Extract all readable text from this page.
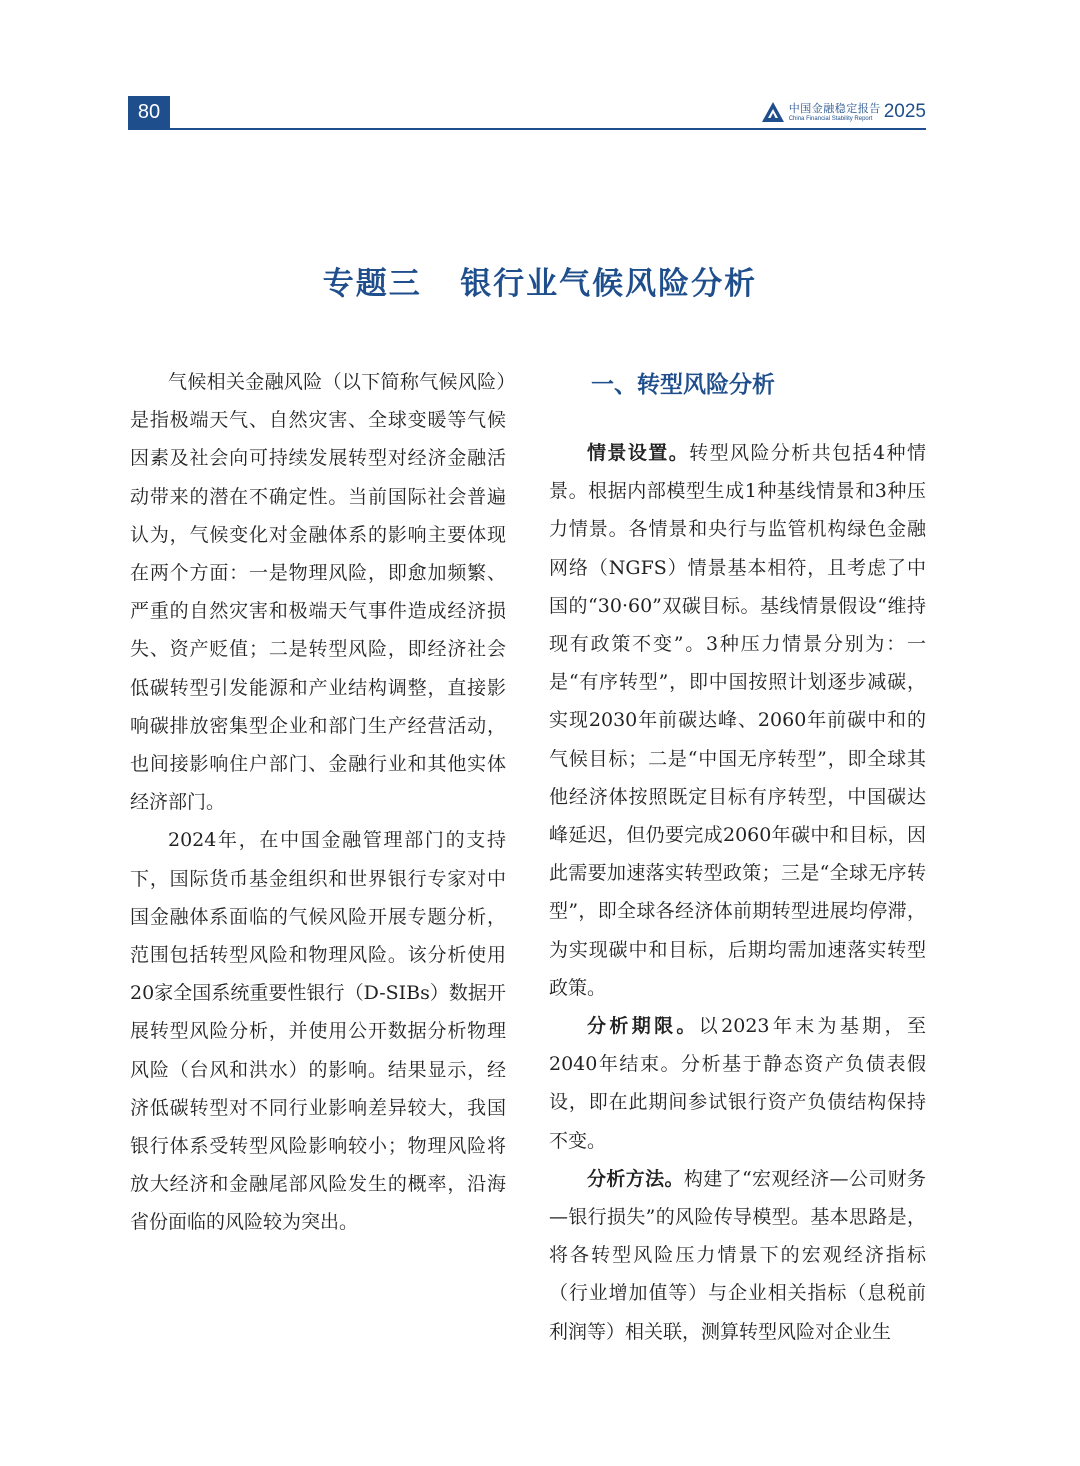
80	中国金融稳定报告
China Financial Stability Report 2025
专题三 银行业气候风险分析

气候相关金融风险（以下简称气候风险）是指极端天气、自然灾害、全球变暖等气候因素及社会向可持续发展转型对经济金融活动带来的潜在不确定性。当前国际社会普遍认为，气候变化对金融体系的影响主要体现在两个方面：一是物理风险，即愈加频繁、严重的自然灾害和极端天气事件造成经济损失、资产贬值；二是转型风险，即经济社会低碳转型引发能源和产业结构调整，直接影响碳排放密集型企业和部门生产经营活动，也间接影响住户部门、金融行业和其他实体经济部门。

2024年，在中国金融管理部门的支持下，国际货币基金组织和世界银行专家对中国金融体系面临的气候风险开展专题分析，范围包括转型风险和物理风险。该分析使用20家全国系统重要性银行（D-SIBs）数据开展转型风险分析，并使用公开数据分析物理风险（台风和洪水）的影响。结果显示，经济低碳转型对不同行业影响差异较大，我国银行体系受转型风险影响较小；物理风险将放大经济和金融尾部风险发生的概率，沿海省份面临的风险较为突出。

一、转型风险分析

情景设置。转型风险分析共包括4种情景。根据内部模型生成1种基线情景和3种压力情景。各情景和央行与监管机构绿色金融网络（NGFS）情景基本相符，且考虑了中国的“30·60”双碳目标。基线情景假设“维持现有政策不变”。3种压力情景分别为：一是“有序转型”，即中国按照计划逐步减碳，实现2030年前碳达峰、2060年前碳中和的气候目标；二是“中国无序转型”，即全球其他经济体按照既定目标有序转型，中国碳达峰延迟，但仍要完成2060年碳中和目标，因此需要加速落实转型政策；三是“全球无序转型”，即全球各经济体前期转型进展均停滞，为实现碳中和目标，后期均需加速落实转型政策。

分析期限。以2023年末为基期，至2040年结束。分析基于静态资产负债表假设，即在此期间参试银行资产负债结构保持不变。

分析方法。构建了“宏观经济—公司财务—银行损失”的风险传导模型。基本思路是，将各转型风险压力情景下的宏观经济指标（行业增加值等）与企业相关指标（息税前利润等）相关联，测算转型风险对企业生
